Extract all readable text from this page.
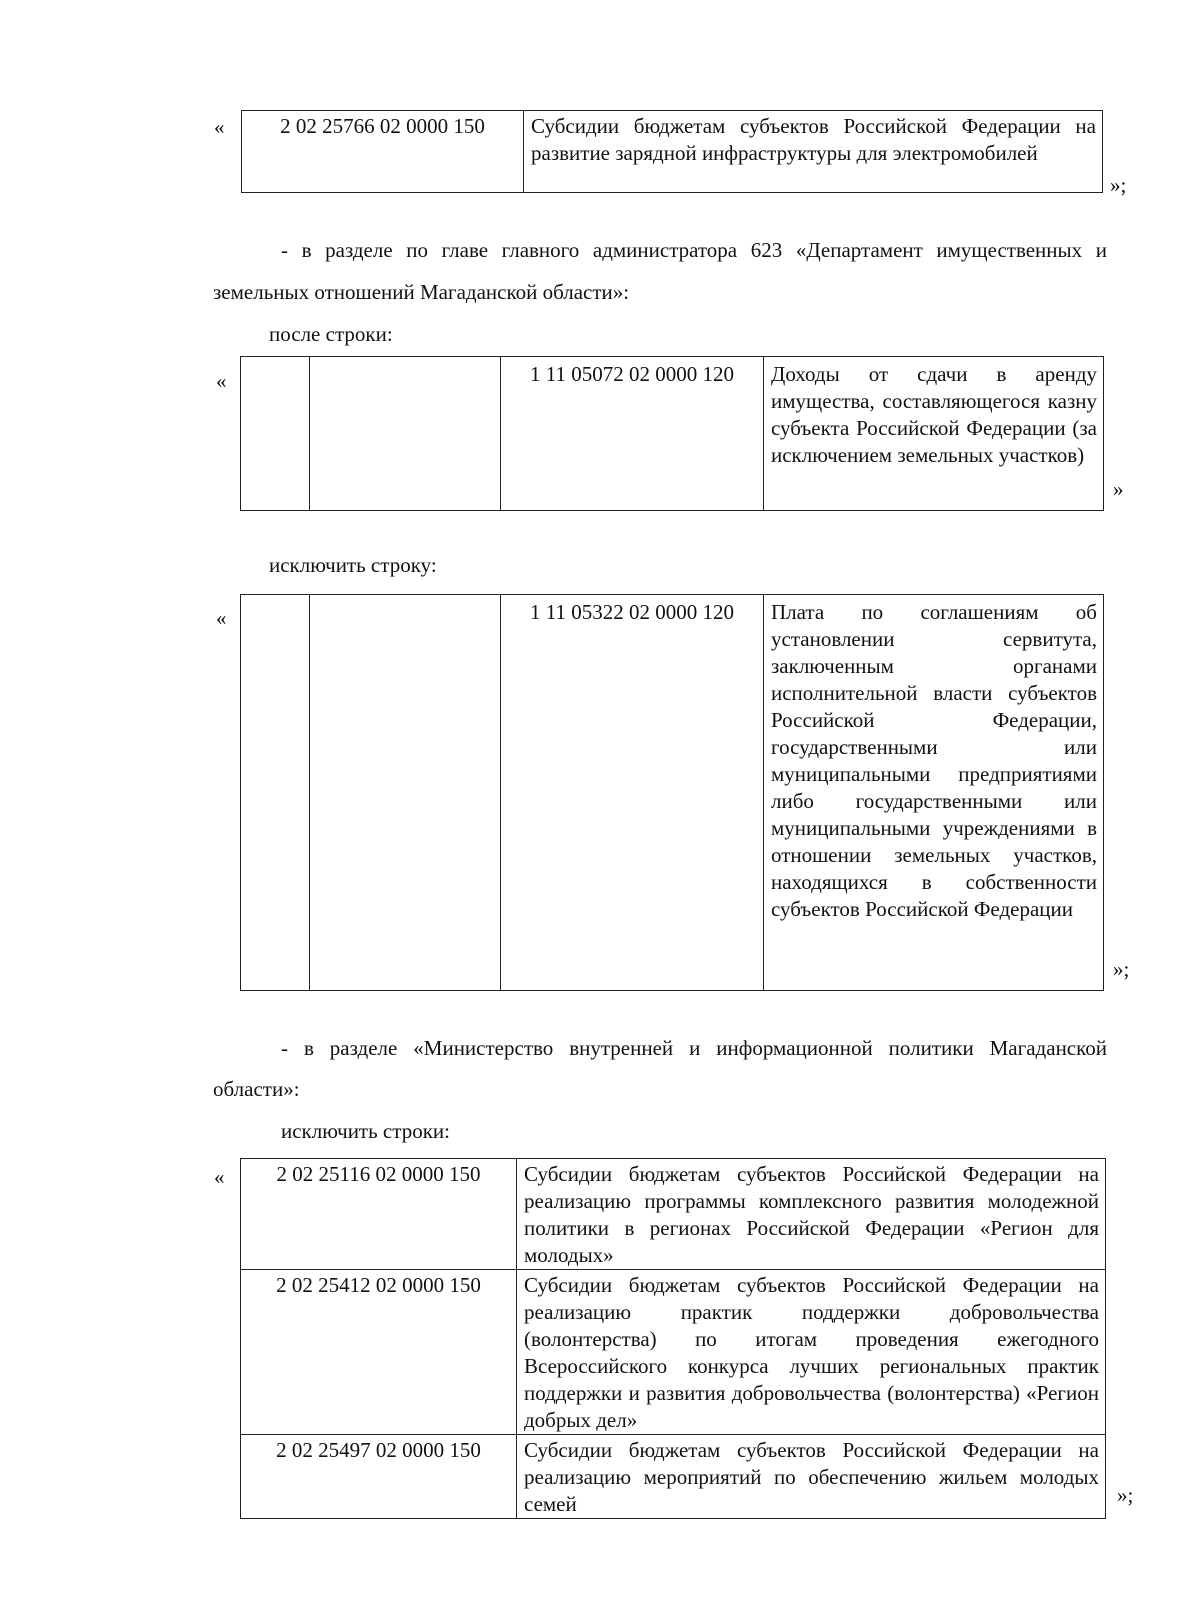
«	2 02 25766 02 0000 150	Субсидии бюджетам субъектов Российской Федерации на развитие зарядной инфраструктуры для электромобилей
»;
- в разделе по главе главного администратора 623 «Департамент имущественных и
земельных отношений Магаданской области»:
после строки:
«
			1 11 05072 02 0000 120	Доходы от сдачи в аренду имущества, составляющегося казну субъекта Российской Федерации (за исключением земельных участков)
»
исключить строку:
«
			1 11 05322 02 0000 120	Плата по соглашениям об установлении сервитута, заключенным органами исполнительной власти субъектов Российской Федерации, государственными или муниципальными предприятиями либо государственными или муниципальными учреждениями в отношении земельных участков, находящихся в собственности субъектов Российской Федерации
»;
- в разделе «Министерство внутренней и информационной политики Магаданской
области»:
исключить строки:
« 2 02 25116 02 0000 150	Субсидии бюджетам субъектов Российской Федерации на реализацию программы комплексного развития молодежной политики в регионах Российской Федерации «Регион для молодых»
2 02 25412 02 0000 150	Субсидии бюджетам субъектов Российской Федерации на реализацию практик поддержки добровольчества (волонтерства) по итогам проведения ежегодного Всероссийского конкурса лучших региональных практик поддержки и развития добровольчества (волонтерства) «Регион добрых дел»
2 02 25497 02 0000 150	Субсидии бюджетам субъектов Российской Федерации на реализацию мероприятий по обеспечению жильем молодых семей	»;
